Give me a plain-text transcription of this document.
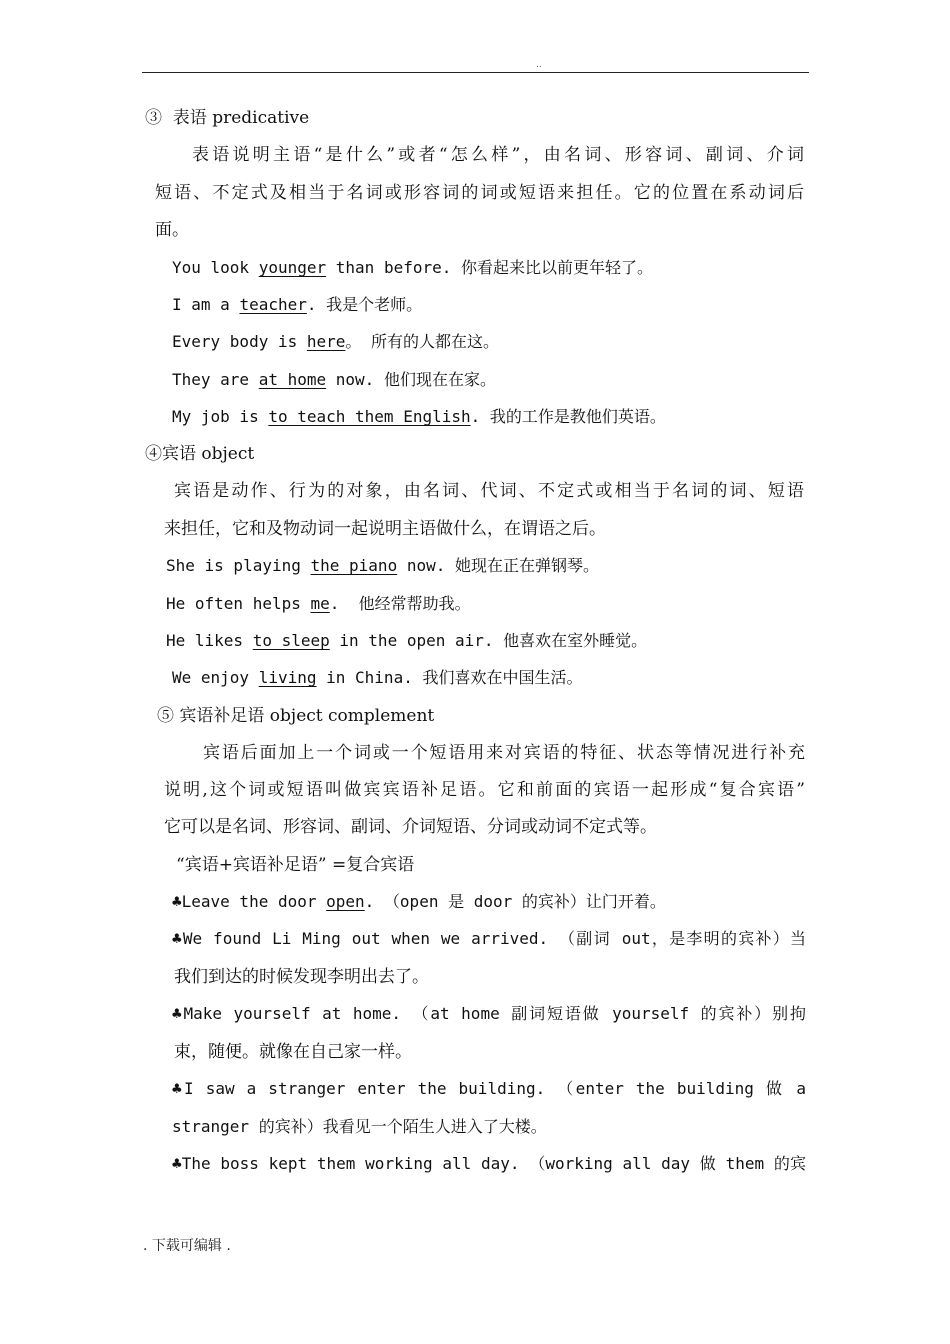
..
③  表语 predicative
表语说明主语“是什么”或者“怎么样”，由名词、形容词、副词、介词
短语、不定式及相当于名词或形容词的词或短语来担任。它的位置在系动词后
面。
You look younger than before. 你看起来比以前更年轻了。
I am a teacher. 我是个老师。
Every body is here。 所有的人都在这。
They are at home now. 他们现在在家。
My job is to teach them English. 我的工作是教他们英语。
④宾语 object
宾语是动作、行为的对象，由名词、代词、不定式或相当于名词的词、短语
来担任，它和及物动词一起说明主语做什么，在谓语之后。
She is playing the piano now. 她现在正在弹钢琴。
He often helps me.  他经常帮助我。
He likes to sleep in the open air. 他喜欢在室外睡觉。
We enjoy living in China. 我们喜欢在中国生活。
⑤ 宾语补足语 object complement
宾语后面加上一个词或一个短语用来对宾语的特征、状态等情况进行补充
说明,这个词或短语叫做宾宾语补足语。它和前面的宾语一起形成“复合宾语”
它可以是名词、形容词、副词、介词短语、分词或动词不定式等。
“宾语+宾语补足语” =复合宾语
♣Leave the door open. （open 是 door 的宾补）让门开着。
♣We found Li Ming out when we arrived. （副词 out，是李明的宾补）当
我们到达的时候发现李明出去了。
♣Make yourself at home. （at home 副词短语做 yourself 的宾补）别拘
束，随便。就像在自己家一样。
♣I saw a stranger enter the building. （enter the building 做 a
stranger 的宾补）我看见一个陌生人进入了大楼。
♣The boss kept them working all day. （working all day 做 them 的宾
. 下载可编辑 .
